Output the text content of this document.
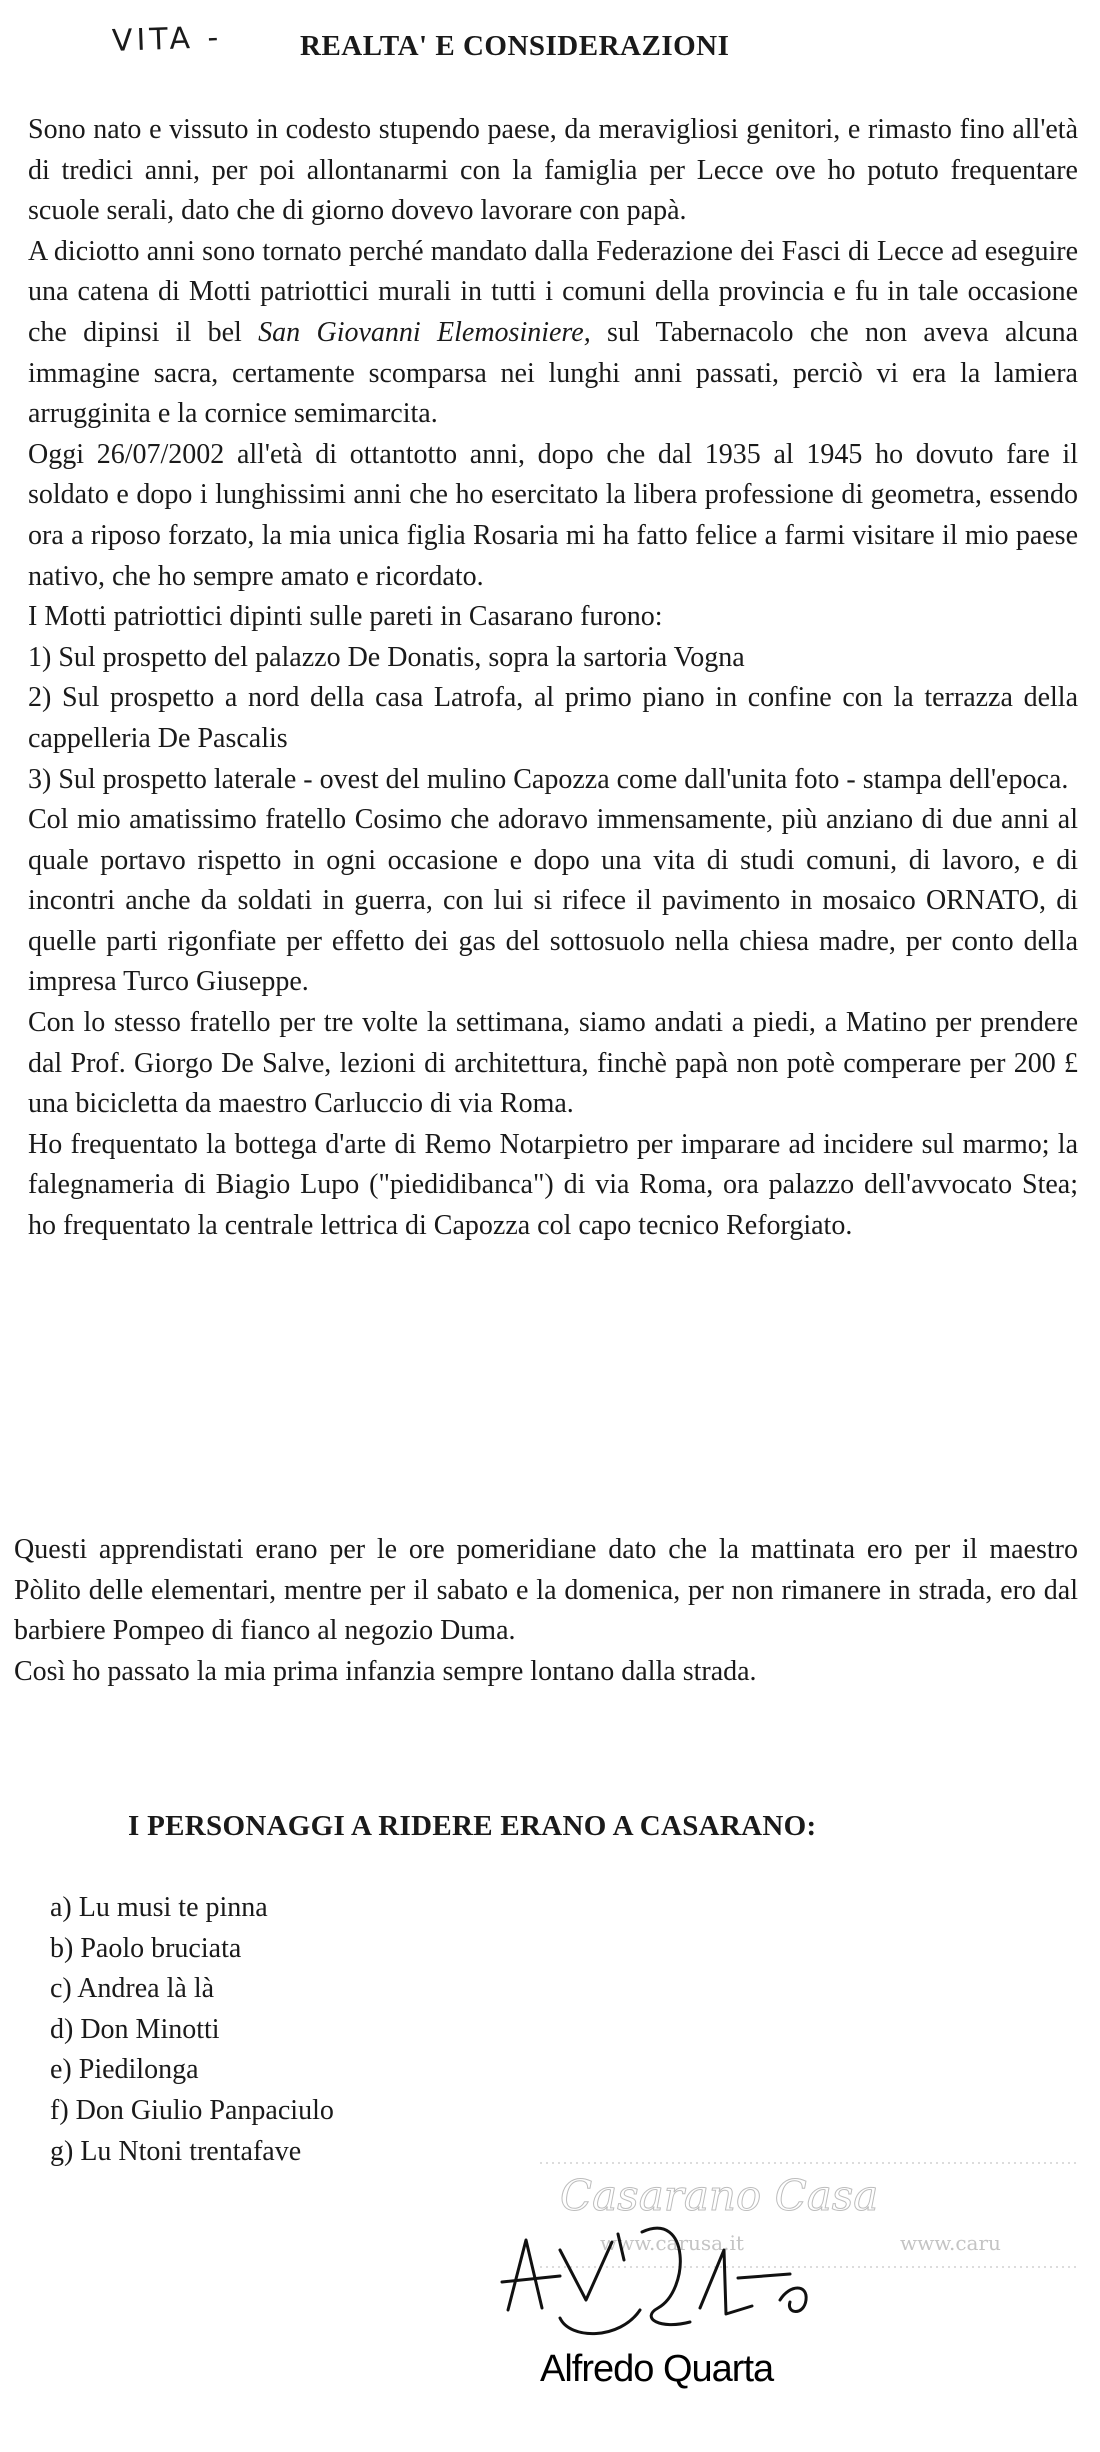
VITA -	REALTA' E CONSIDERAZIONI

Sono nato e vissuto in codesto stupendo paese, da meravigliosi genitori, e rimasto fino all'età di tredici anni, per poi allontanarmi con la famiglia per Lecce ove ho potuto frequentare scuole serali, dato che di giorno dovevo lavorare con papà.

A diciotto anni sono tornato perché mandato dalla Federazione dei Fasci di Lecce ad eseguire una catena di Motti patriottici murali in tutti i comuni della provincia e fu in tale occasione che dipinsi il bel San Giovanni Elemosiniere, sul Tabernacolo che non aveva alcuna immagine sacra, certamente scomparsa nei lunghi anni passati, perciò vi era la lamiera arrugginita e la cornice semimarcita.

Oggi 26/07/2002 all'età di ottantotto anni, dopo che dal 1935 al 1945 ho dovuto fare il soldato e dopo i lunghissimi anni che ho esercitato la libera professione di geometra, essendo ora a riposo forzato, la mia unica figlia Rosaria mi ha fatto felice a farmi visitare il mio paese nativo, che ho sempre amato e ricordato.

I Motti patriottici dipinti sulle pareti in Casarano furono:

1) Sul prospetto del palazzo De Donatis, sopra la sartoria Vogna

2) Sul prospetto a nord della casa Latrofa, al primo piano in confine con la terrazza della cappelleria De Pascalis

3) Sul prospetto laterale - ovest del mulino Capozza come dall'unita foto - stampa dell'epoca.

Col mio amatissimo fratello Cosimo che adoravo immensamente, più anziano di due anni al quale portavo rispetto in ogni occasione e dopo una vita di studi comuni, di lavoro, e di incontri anche da soldati in guerra, con lui si rifece il pavimento in mosaico ORNATO, di quelle parti rigonfiate per effetto dei gas del sottosuolo nella chiesa madre, per conto della impresa Turco Giuseppe.

Con lo stesso fratello per tre volte la settimana, siamo andati a piedi, a Matino per prendere dal Prof. Giorgo De Salve, lezioni di architettura, finchè papà non potè comperare per 200 £ una bicicletta da maestro Carluccio di via Roma.

Ho frequentato la bottega d'arte di Remo Notarpietro per imparare ad incidere sul marmo; la falegnameria di Biagio Lupo ("piedidibanca") di via Roma, ora palazzo dell'avvocato Stea; ho frequentato la centrale lettrica di Capozza col capo tecnico Reforgiato.

Questi apprendistati erano per le ore pomeridiane dato che la mattinata ero per il maestro Pòlito delle elementari, mentre per il sabato e la domenica, per non rimanere in strada, ero dal barbiere Pompeo di fianco al negozio Duma.

Così ho passato la mia prima infanzia sempre lontano dalla strada.

I PERSONAGGI A RIDERE ERANO A CASARANO:
a) Lu musi te pinna
b) Paolo bruciata
c) Andrea là là
d) Don Minotti
e) Piedilonga
f) Don Giulio Panpaciulo
g) Lu Ntoni trentafave
Casarano Casa
www.carusa.it	www.caru
Alfredo Quarta
